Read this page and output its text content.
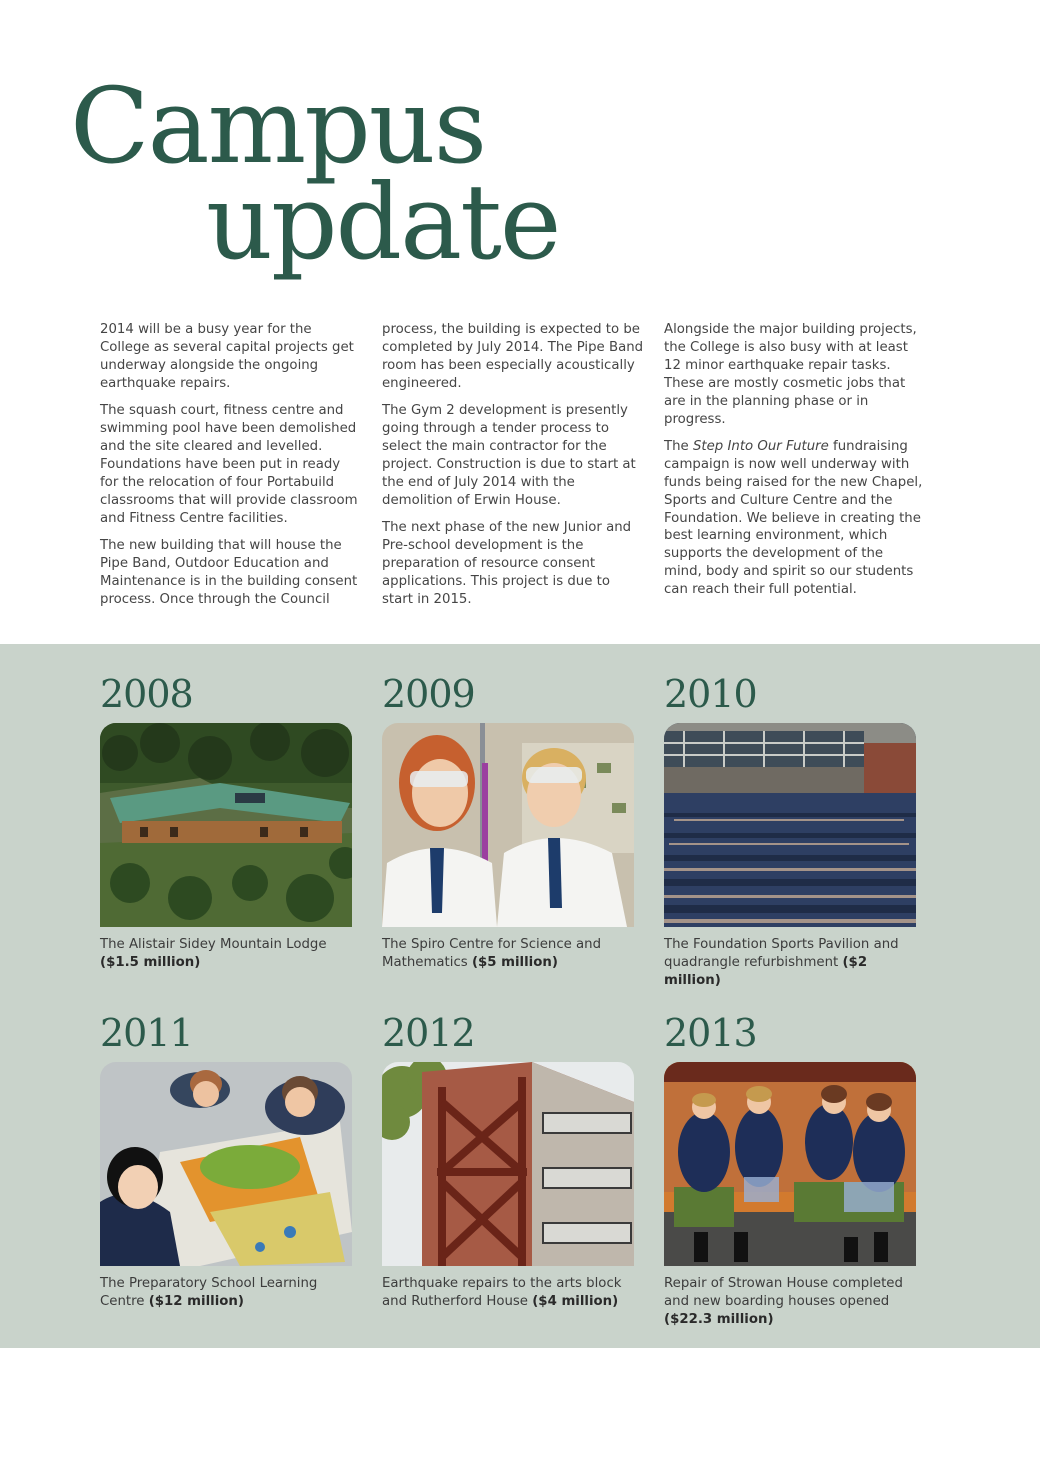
Campus
update

2014 will be a busy year for the College as several capital projects get underway alongside the ongoing earthquake repairs.

The squash court, fitness centre and swimming pool have been demolished and the site cleared and levelled. Foundations have been put in ready for the relocation of four Portabuild classrooms that will provide classroom and Fitness Centre facilities.

The new building that will house the Pipe Band, Outdoor Education and Maintenance is in the building consent process. Once through the Council

process, the building is expected to be completed by July 2014. The Pipe Band room has been especially acoustically engineered.

The Gym 2 development is presently going through a tender process to select the main contractor for the project. Construction is due to start at the end of July 2014 with the demolition of Erwin House.

The next phase of the new Junior and Pre-school development is the preparation of resource consent applications. This project is due to start in 2015.

Alongside the major building projects, the College is also busy with at least 12 minor earthquake repair tasks. These are mostly cosmetic jobs that are in the planning phase or in progress.

The Step Into Our Future fundraising campaign is now well underway with funds being raised for the new Chapel, Sports and Culture Centre and the Foundation. We believe in creating the best learning environment, which supports the development of the mind, body and spirit so our students can reach their full potential.

2008
The Alistair Sidey Mountain Lodge
($1.5 million)
2009
The Spiro Centre for Science and Mathematics ($5 million)
2010
The Foundation Sports Pavilion and quadrangle refurbishment ($2 million)
2011
The Preparatory School Learning Centre ($12 million)
2012
Earthquake repairs to the arts block and Rutherford House ($4 million)
2013
Repair of Strowan House completed and new boarding houses opened
($22.3 million)
